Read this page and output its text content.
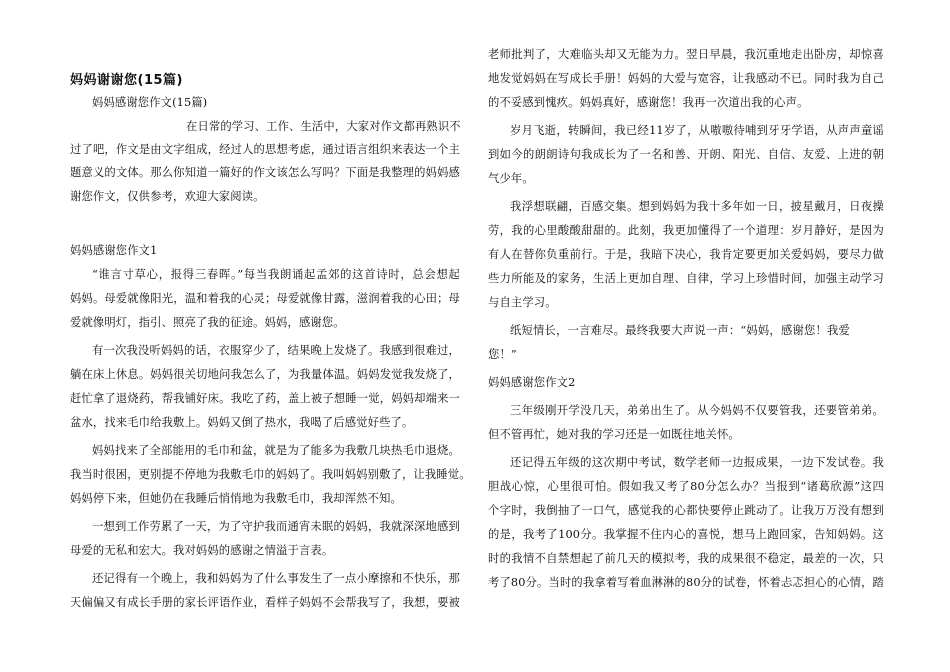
妈妈谢谢您(15篇)
妈妈感谢您作文(15篇)
在日常的学习、工作、生活中，大家对作文都再熟识不
过了吧，作文是由文字组成，经过人的思想考虑，通过语言组织来表达一个主
题意义的文体。那么你知道一篇好的作文该怎么写吗？下面是我整理的妈妈感
谢您作文，仅供参考，欢迎大家阅读。
妈妈感谢您作文1
“谁言寸草心，报得三春晖。”每当我朗诵起孟郊的这首诗时，总会想起
妈妈。母爱就像阳光，温和着我的心灵；母爱就像甘露，滋润着我的心田；母
爱就像明灯，指引、照亮了我的征途。妈妈，感谢您。
有一次我没听妈妈的话，衣服穿少了，结果晚上发烧了。我感到很难过，
躺在床上休息。妈妈很关切地问我怎么了，为我量体温。妈妈发觉我发烧了，
赶忙拿了退烧药，帮我铺好床。我吃了药，盖上被子想睡一觉，妈妈却端来一
盆水，找来毛巾给我敷上。妈妈又倒了热水，我喝了后感觉好些了。
妈妈找来了全部能用的毛巾和盆，就是为了能多为我敷几块热毛巾退烧。
我当时很困，更别提不停地为我敷毛巾的妈妈了。我叫妈妈别敷了，让我睡觉。
妈妈停下来，但她仍在我睡后悄悄地为我敷毛巾，我却浑然不知。
一想到工作劳累了一天，为了守护我而通宵未眠的妈妈，我就深深地感到
母爱的无私和宏大。我对妈妈的感谢之情溢于言表。
还记得有一个晚上，我和妈妈为了什么事发生了一点小摩擦和不快乐，那
天偏偏又有成长手册的家长评语作业，看样子妈妈不会帮我写了，我想，要被
老师批判了，大难临头却又无能为力。翌日早晨，我沉重地走出卧房，却惊喜
地发觉妈妈在写成长手册！妈妈的大爱与宽容，让我感动不已。同时我为自己
的不妥感到愧疚。妈妈真好，感谢您！我再一次道出我的心声。
岁月飞逝，转瞬间，我已经11岁了，从嗷嗷待哺到牙牙学语，从声声童谣
到如今的朗朗诗句我成长为了一名和善、开朗、阳光、自信、友爱、上进的朝
气少年。
我浮想联翩，百感交集。想到妈妈为我十多年如一日，披星戴月，日夜操
劳，我的心里酸酸甜甜的。此刻，我更加懂得了一个道理：岁月静好，是因为
有人在替你负重前行。于是，我暗下决心，我肯定要更加关爱妈妈，要尽力做
些力所能及的家务，生活上更加自理、自律，学习上珍惜时间，加强主动学习
与自主学习。
纸短情长，一言难尽。最终我要大声说一声：“妈妈，感谢您！我爱
您！”
妈妈感谢您作文2
三年级刚开学没几天，弟弟出生了。从今妈妈不仅要管我，还要管弟弟。
但不管再忙，她对我的学习还是一如既往地关怀。
还记得五年级的这次期中考试，数学老师一边报成果，一边下发试卷。我
胆战心惊，心里很可怕。假如我又考了80分怎么办？当报到“诸葛欣源”这四
个字时，我倒抽了一口气，感觉我的心都快要停止跳动了。让我万万没有想到
的是，我考了100分。我掌握不住内心的喜悦，想马上跑回家，告知妈妈。这
时的我情不自禁想起了前几天的模拟考，我的成果很不稳定，最差的一次，只
考了80分。当时的我拿着写着血淋淋的80分的试卷，怀着忐忑担心的心情，踏
